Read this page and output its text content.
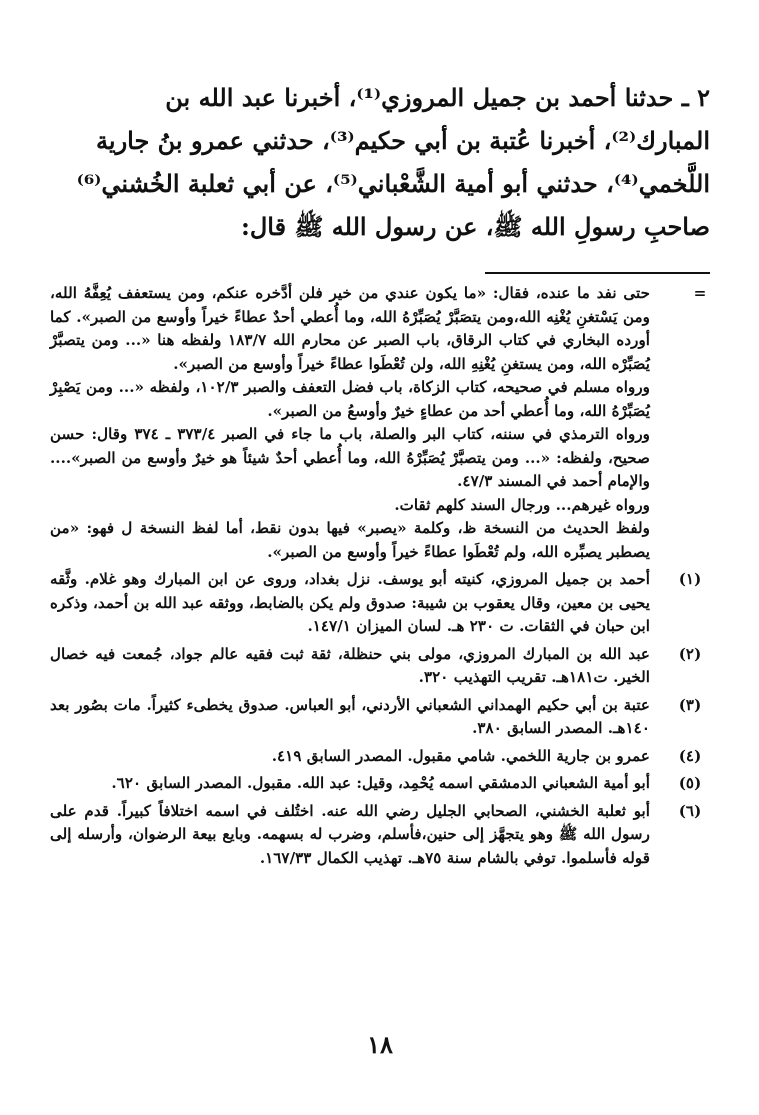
٢ ـ حدثنا أحمد بن جميل المروزي⁽¹⁾، أخبرنا عبد الله بن

المبارك⁽²⁾، أخبرنا عُتبة بن أبي حكيم⁽³⁾، حدثني عمرو بنُ جارية

اللَّخمي⁽⁴⁾، حدثني أبو أمية الشَّعْباني⁽⁵⁾، عن أبي ثعلبة الخُشني⁽⁶⁾

صاحبِ رسولِ الله ﷺ، عن رسول الله ﷺ قال:

=

حتى نفد ما عنده، فقال: «ما يكون عندي من خير فلن أدَّخره عنكم، ومن يستعفف يُعِفَّهُ الله، ومن يَسْتغنِ يُغْنِه الله،ومن يتصَبَّرْ يُصَبِّرْهُ الله، وما أُعطي أحدٌ عطاءً خيراً وأوسع من الصبر». كما أورده البخاري في كتاب الرقاق، باب الصبر عن محارم الله ١٨٣/٧ ولفظه هنا «... ومن يتصبَّرْ يُصَبِّرْه الله، ومن يستغنِ يُغْنِهِ الله، ولن تُعْطَوا عطاءً خيراً وأوسع من الصبر».

ورواه مسلم في صحيحه، كتاب الزكاة، باب فضل التعفف والصبر ١٠٢/٣، ولفظه «... ومن يَصْبِرْ يُصَبِّرْهُ الله، وما أُعطي أحد من عطاءٍ خيرٌ وأوسعُ من الصبر».

ورواه الترمذي في سننه، كتاب البر والصلة، باب ما جاء في الصبر ٣٧٣/٤ ـ ٣٧٤ وقال: حسن صحيح، ولفظه: «... ومن يتصبَّرْ يُصَبِّرْهُ الله، وما أُعطي أحدٌ شيئاً هو خيرٌ وأوسع من الصبر».... والإمام أحمد في المسند ٤٧/٣.

ورواه غيرهم... ورجال السند كلهم ثقات.

ولفظ الحديث من النسخة ظ، وكلمة «يصبر» فيها بدون نقط، أما لفظ النسخة ل فهو: «من يصطبر يصبِّره الله، ولم تُعْطَوا عطاءً خيراً وأوسع من الصبر».

(١)
أحمد بن جميل المروزي، كنيته أبو يوسف. نزل بغداد، وروى عن ابن المبارك وهو غلام. وثَّقه يحيى بن معين، وقال يعقوب بن شيبة: صدوق ولم يكن بالضابط، ووثقه عبد الله بن أحمد، وذكره ابن حبان في الثقات. ت ٢٣٠ هـ. لسان الميزان ١٤٧/١.
(٢)
عبد الله بن المبارك المروزي، مولى بني حنظلة، ثقة ثبت فقيه عالم جواد، جُمعت فيه خصال الخير. ت١٨١هـ. تقريب التهذيب ٣٢٠.
(٣)
عتبة بن أبي حكيم الهمداني الشعباني الأردني، أبو العباس. صدوق يخطىء كثيراً. مات بصُور بعد ١٤٠هـ. المصدر السابق ٣٨٠.
(٤)
عمرو بن جارية اللخمي. شامي مقبول. المصدر السابق ٤١٩.
(٥)
أبو أمية الشعباني الدمشقي اسمه يُحْمِد، وقيل: عبد الله. مقبول. المصدر السابق ٦٢٠.
(٦)
أبو ثعلبة الخشني، الصحابي الجليل رضي الله عنه. اختُلف في اسمه اختلافاً كبيراً. قدم على رسول الله ﷺ وهو يتجهَّز إلى حنين،فأسلم، وضرب له بسهمه. وبايع بيعة الرضوان، وأرسله إلى قوله فأسلموا. توفي بالشام سنة ٧٥هـ. تهذيب الكمال ١٦٧/٣٣.
١٨
